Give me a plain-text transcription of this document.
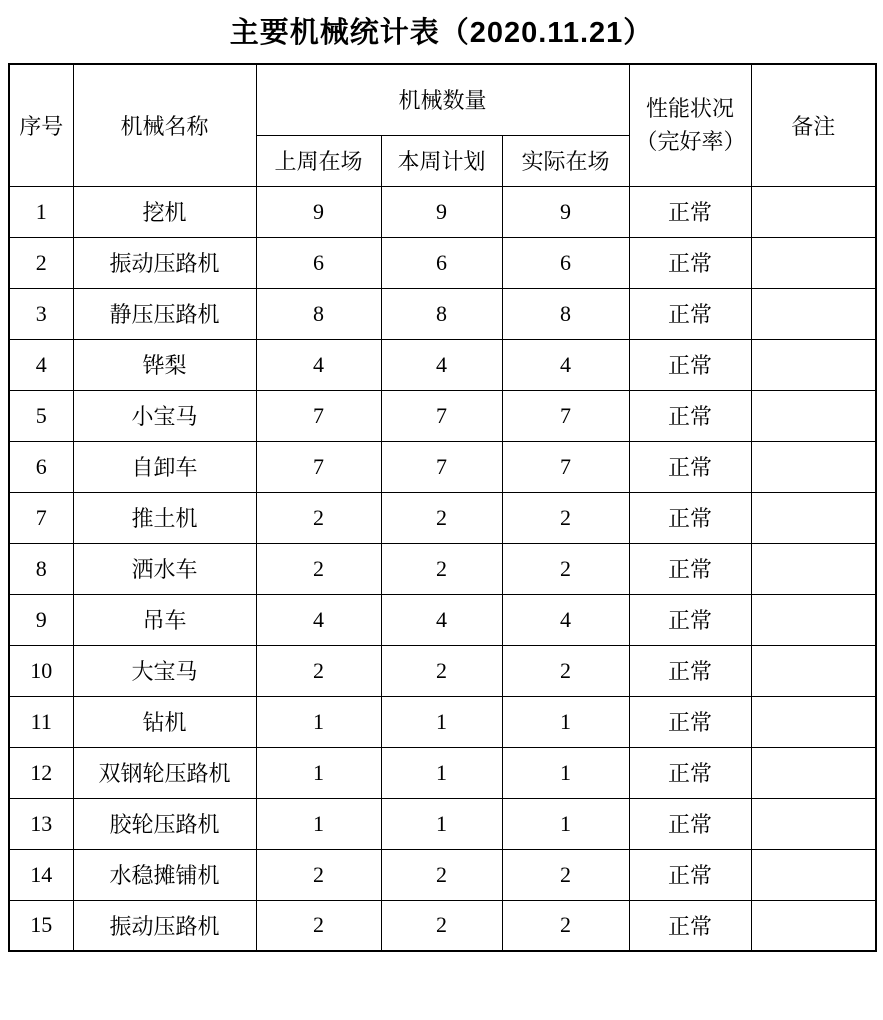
主要机械统计表（2020.11.21）
序号	机械名称	机械数量			性能状况（完好率）	备注
		上周在场	本周计划	实际在场		
1	挖机	9	9	9	正常	
2	振动压路机	6	6	6	正常	
3	静压压路机	8	8	8	正常	
4	铧梨	4	4	4	正常	
5	小宝马	7	7	7	正常	
6	自卸车	7	7	7	正常	
7	推土机	2	2	2	正常	
8	洒水车	2	2	2	正常	
9	吊车	4	4	4	正常	
10	大宝马	2	2	2	正常	
11	钻机	1	1	1	正常	
12	双钢轮压路机	1	1	1	正常	
13	胶轮压路机	1	1	1	正常	
14	水稳摊铺机	2	2	2	正常	
15	振动压路机	2	2	2	正常	
